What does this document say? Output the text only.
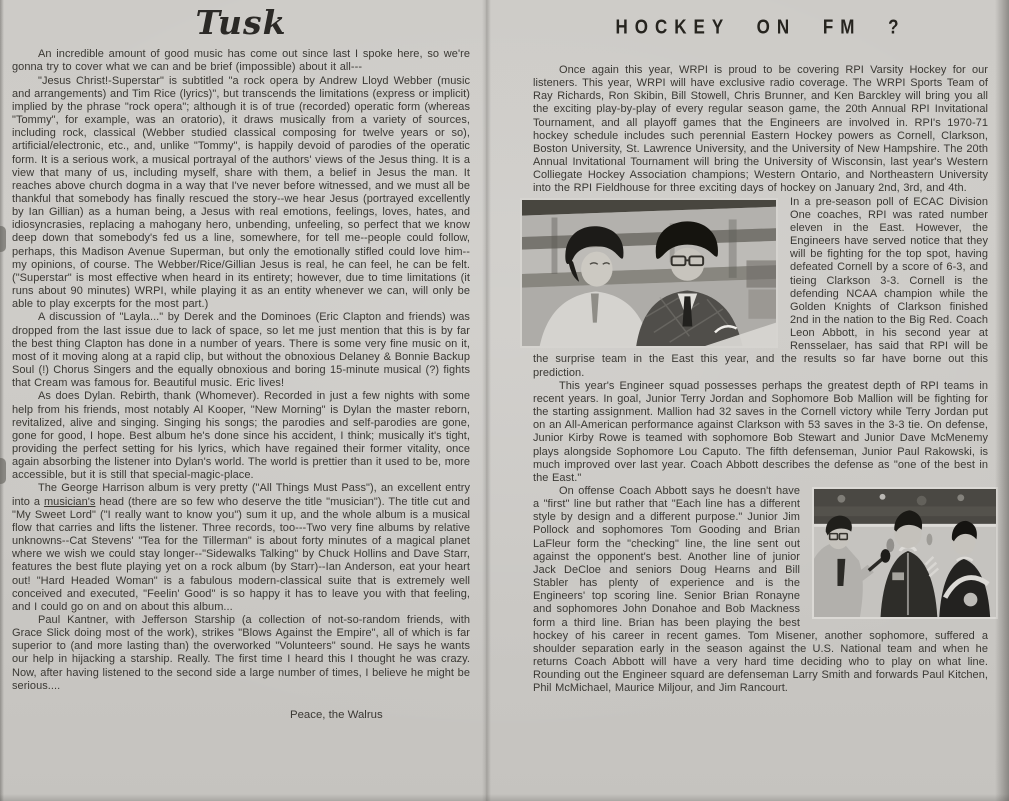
Tusk

An incredible amount of good music has come out since last I spoke here, so we're gonna try to cover what we can and be brief (impossible) about it all---

"Jesus Christ!-Superstar" is subtitled "a rock opera by Andrew Lloyd Webber (music and arrangements) and Tim Rice (lyrics)", but transcends the limitations (express or implicit) implied by the phrase "rock opera"; although it is of true (recorded) operatic form (whereas "Tommy", for example, was an oratorio), it draws musically from a variety of sources, including rock, classical (Webber studied classical composing for twelve years or so), artificial/electronic, etc., and, unlike "Tommy", is happily devoid of parodies of the operatic form. It is a serious work, a musical portrayal of the authors' views of the Jesus thing. It is a view that many of us, including myself, share with them, a belief in Jesus the man. It reaches above church dogma in a way that I've never before witnessed, and we must all be thankful that somebody has finally rescued the story--we hear Jesus (portrayed excellently by Ian Gillian) as a human being, a Jesus with real emotions, feelings, loves, hates, and idiosyncrasies, replacing a mahogany hero, unbending, unfeeling, so perfect that we know deep down that somebody's fed us a line, somewhere, for tell me--people could follow, perhaps, this Madison Avenue Superman, but only the emotionally stifled could love him--my opinions, of course. The Webber/Rice/Gillian Jesus is real, he can feel, he can be felt. ("Superstar" is most effective when heard in its entirety; however, due to time limitations (it runs about 90 minutes) WRPI, while playing it as an entity whenever we can, will only be able to play excerpts for the most part.)

A discussion of "Layla..." by Derek and the Dominoes (Eric Clapton and friends) was dropped from the last issue due to lack of space, so let me just mention that this is by far the best thing Clapton has done in a number of years. There is some very fine music on it, most of it moving along at a rapid clip, but without the obnoxious Delaney & Bonnie Backup Soul (!) Chorus Singers and the equally obnoxious and boring 15-minute musical (?) fights that Cream was famous for. Beautiful music. Eric lives!

As does Dylan. Rebirth, thank (Whomever). Recorded in just a few nights with some help from his friends, most notably Al Kooper, "New Morning" is Dylan the master reborn, revitalized, alive and singing. Singing his songs; the parodies and self-parodies are gone, gone for good, I hope. Best album he's done since his accident, I think; musically it's tight, providing the perfect setting for his lyrics, which have regained their former vitality, once again absorbing the listener into Dylan's world. The world is prettier than it used to be, more accessible, but it is still that special-magic-place.

The George Harrison album is very pretty ("All Things Must Pass"), an excellent entry into a musician's head (there are so few who deserve the title "musician"). The title cut and "My Sweet Lord" ("I really want to know you") sum it up, and the whole album is a musical flow that carries and lifts the listener. Three records, too---Two very fine albums by relative unknowns--Cat Stevens' "Tea for the Tillerman" is about forty minutes of a magical planet where we wish we could stay longer--"Sidewalks Talking" by Chuck Hollins and Dave Starr, features the best flute playing yet on a rock album (by Starr)--Ian Anderson, eat your heart out! "Hard Headed Woman" is a fabulous modern-classical suite that is extremely well conceived and executed, "Feelin' Good" is so happy it has to leave you with that feeling, and I could go on and on about this album...

Paul Kantner, with Jefferson Starship (a collection of not-so-random friends, with Grace Slick doing most of the work), strikes "Blows Against the Empire", all of which is far superior to (and more lasting than) the overworked "Volunteers" sound. He says he wants our help in hijacking a starship. Really. The first time I heard this I thought he was crazy. Now, after having listened to the second side a large number of times, I believe he might be serious....

Peace, the Walrus
HOCKEY ON FM ?

Once again this year, WRPI is proud to be covering RPI Varsity Hockey for our listeners. This year, WRPI will have exclusive radio coverage. The WRPI Sports Team of Ray Richards, Ron Skibin, Bill Stowell, Chris Brunner, and Ken Barckley will bring you all the exciting play-by-play of every regular season game, the 20th Annual RPI Invitational Tournament, and all playoff games that the Engineers are involved in. RPI's 1970-71 hockey schedule includes such perennial Eastern Hockey powers as Cornell, Clarkson, Boston University, St. Lawrence University, and the University of New Hampshire. The 20th Annual Invitational Tournament will bring the University of Wisconsin, last year's Western Colliegate Hockey Association champions; Western Ontario, and Northeastern University into the RPI Fieldhouse for three exciting days of hockey on January 2nd, 3rd, and 4th.

In a pre-season poll of ECAC Division One coaches, RPI was rated number eleven in the East. However, the Engineers have served notice that they will be fighting for the top spot, having defeated Cornell by a score of 6-3, and tieing Clarkson 3-3. Cornell is the defending NCAA champion while the Golden Knights of Clarkson finished 2nd in the nation to the Big Red. Coach Leon Abbott, in his second year at Rensselaer, has said that RPI will be the surprise team in the East this year, and the results so far have borne out this prediction.

This year's Engineer squad possesses perhaps the greatest depth of RPI teams in recent years. In goal, Junior Terry Jordan and Sophomore Bob Mallion will be fighting for the starting assignment. Mallion had 32 saves in the Cornell victory while Terry Jordan put on an All-American performance against Clarkson with 53 saves in the 3-3 tie. On defense, Junior Kirby Rowe is teamed with sophomore Bob Stewart and Junior Dave McMenemy plays alongside Sophomore Lou Caputo. The fifth defenseman, Junior Paul Rakowski, is much improved over last year. Coach Abbott describes the defense as "one of the best in the East."

On offense Coach Abbott says he doesn't have a "first" line but rather that "Each line has a different style by design and a different purpose." Junior Jim Pollock and sophomores Tom Gooding and Brian LaFleur form the "checking" line, the line sent out against the opponent's best. Another line of junior Jack DeCloe and seniors Doug Hearns and Bill Stabler has plenty of experience and is the Engineers' top scoring line. Senior Brian Ronayne and sophomores John Donahoe and Bob Mackness form a third line. Brian has been playing the best hockey of his career in recent games. Tom Misener, another sophomore, suffered a shoulder separation early in the season against the U.S. National team and when he returns Coach Abbott will have a very hard time deciding who to play on what line. Rounding out the Engineer squard are defenseman Larry Smith and forwards Paul Kitchen, Phil McMichael, Maurice Miljour, and Jim Rancourt.
